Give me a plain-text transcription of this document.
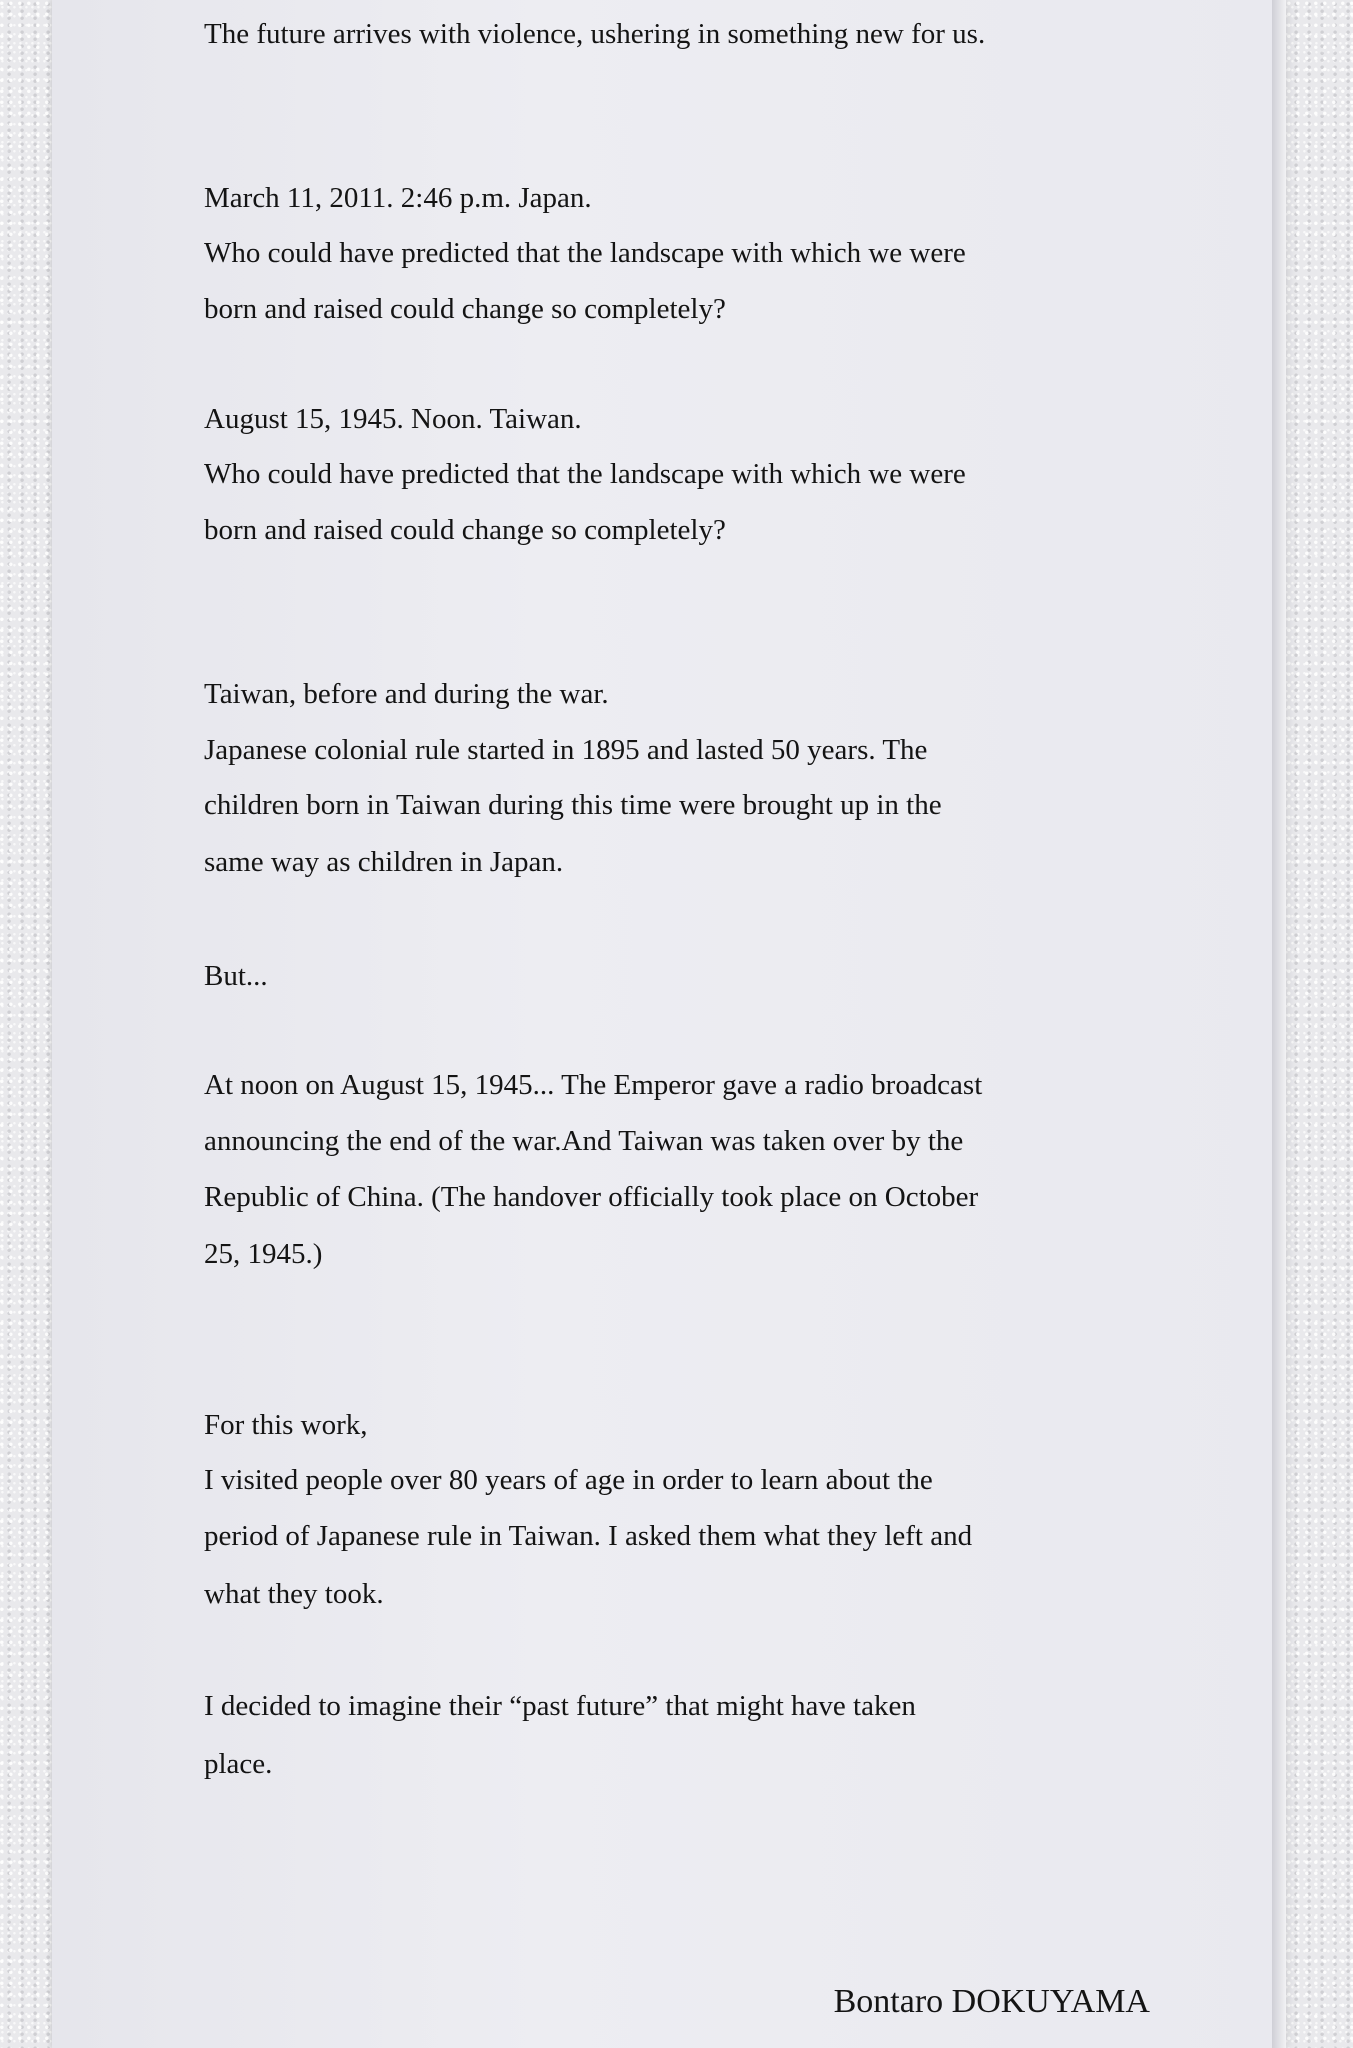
The future arrives with violence, ushering in something new for us.
March 11, 2011. 2:46 p.m. Japan.
Who could have predicted that the landscape with which we were
born and raised could change so completely?
August 15, 1945. Noon. Taiwan.
Who could have predicted that the landscape with which we were
born and raised could change so completely?
Taiwan, before and during the war.
Japanese colonial rule started in 1895 and lasted 50 years. The
children born in Taiwan during this time were brought up in the
same way as children in Japan.
But...
At noon on August 15, 1945... The Emperor gave a radio broadcast
announcing the end of the war.And Taiwan was taken over by the
Republic of China. (The handover officially took place on October
25, 1945.)
For this work,
I visited people over 80 years of age in order to learn about the
period of Japanese rule in Taiwan. I asked them what they left and
what they took.
I decided to imagine their “past future” that might have taken
place.
Bontaro DOKUYAMA
